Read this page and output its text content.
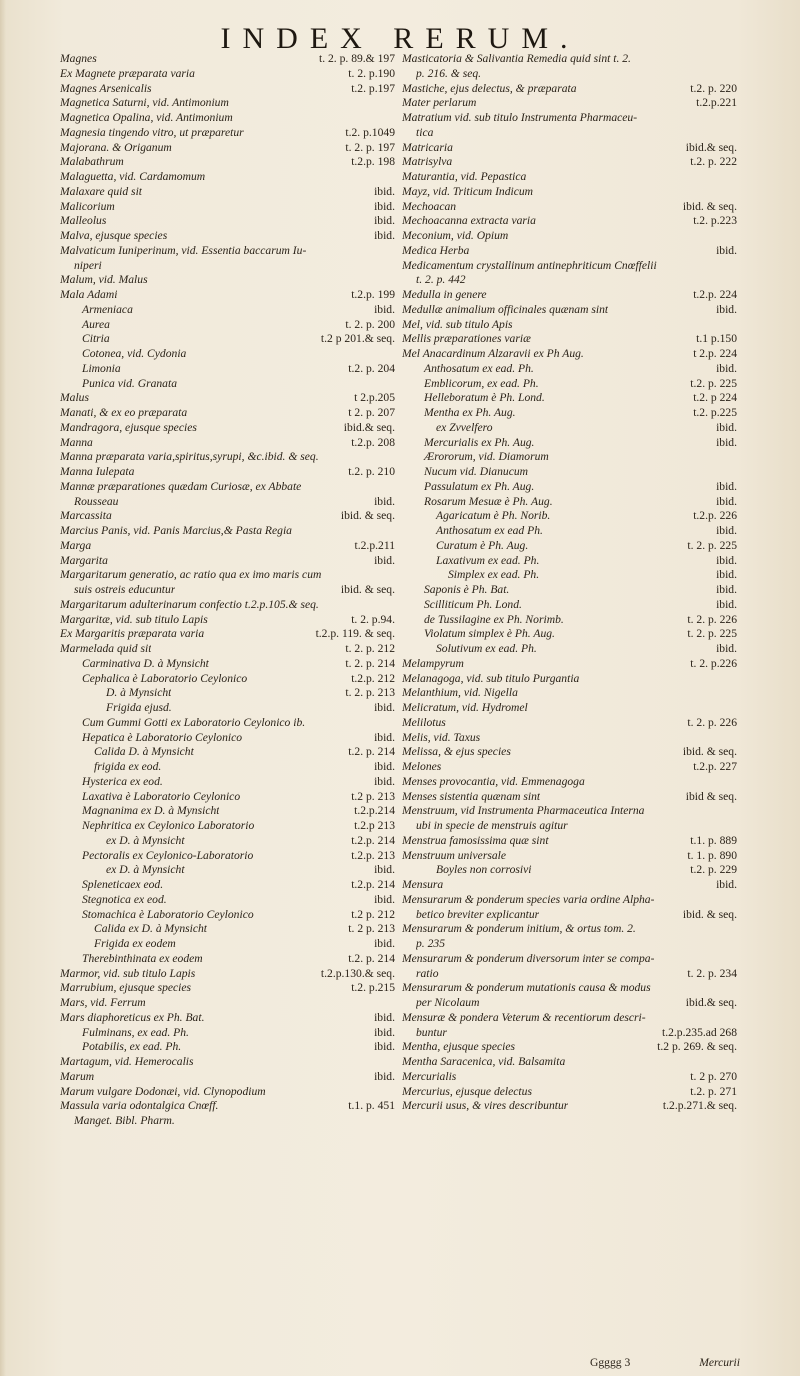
INDEX RERUM.
Magnes	t. 2. p. 89.& 197
Ex Magnete præparata varia	t. 2. p.190
Magnes Arsenicalis	t.2. p.197
Magnetica Saturni, vid. Antimonium
Magnetica Opalina, vid. Antimonium
Magnesia tingendo vitro, ut præparetur	t.2. p.1049
Majorana. & Origanum	t. 2. p. 197
Malabathrum	t.2.p. 198
Malaguetta, vid. Cardamomum
Malaxare quid sit	ibid.
Malicorium	ibid.
Malleolus	ibid.
Malva, ejusque species	ibid.
Malvaticum Iuniperinum, vid. Essentia baccarum Iu-
niperi
Malum, vid. Malus
Mala Adami	t.2.p. 199
Armeniaca	ibid.
Aurea	t. 2. p. 200
Citria	t.2 p 201.& seq.
Cotonea, vid. Cydonia
Limonia	t.2. p. 204
Punica vid. Granata
Malus	t 2.p.205
Manati, & ex eo præparata	t 2. p. 207
Mandragora, ejusque species	ibid.& seq.
Manna	t.2.p. 208
Manna præparata varia,spiritus,syrupi, &c.ibid. & seq.
Manna Iulepata	t.2. p. 210
Mannæ præparationes quædam Curiosæ, ex Abbate
Rousseau	ibid.
Marcassita	ibid. & seq.
Marcius Panis, vid. Panis Marcius,& Pasta Regia
Marga	t.2.p.211
Margarita	ibid.
Margaritarum generatio, ac ratio qua ex imo maris cum
suis ostreis educuntur	ibid. & seq.
Margaritarum adulterinarum confectio t.2.p.105.& seq.
Margaritæ, vid. sub titulo Lapis	t. 2. p.94.
Ex Margaritis præparata varia	t.2.p. 119. & seq.
Marmelada quid sit	t. 2. p. 212
Carminativa D. à Mynsicht	t. 2. p. 214
Cephalica è Laboratorio Ceylonico	t.2.p. 212
D. à Mynsicht	t. 2. p. 213
Frigida ejusd.	ibid.
Cum Gummi Gotti ex Laboratorio Ceylonico ib.
Hepatica è Laboratorio Ceylonico	ibid.
Calida D. à Mynsicht	t.2. p. 214
frigida ex eod.	ibid.
Hysterica ex eod.	ibid.
Laxativa è Laboratorio Ceylonico	t.2 p. 213
Magnanima ex D. à Mynsicht	t.2.p.214
Nephritica ex Ceylonico Laboratorio	t.2.p 213
ex D. à Mynsicht	t.2.p. 214
Pectoralis ex Ceylonico-Laboratorio	t.2.p. 213
ex D. à Mynsicht	ibid.
Spleneticaex eod.	t.2.p. 214
Stegnotica ex eod.	ibid.
Stomachica è Laboratorio Ceylonico	t.2 p. 212
Calida ex D. à Mynsicht	t. 2 p. 213
Frigida ex eodem	ibid.
Therebinthinata ex eodem	t.2. p. 214
Marmor, vid. sub titulo Lapis	t.2.p.130.& seq.
Marrubium, ejusque species	t.2. p.215
Mars, vid. Ferrum
Mars diaphoreticus ex Ph. Bat.	ibid.
Fulminans, ex ead. Ph.	ibid.
Potabilis, ex ead. Ph.	ibid.
Martagum, vid. Hemerocalis
Marum	ibid.
Marum vulgare Dodonæi, vid. Clynopodium
Massula varia odontalgica Cnœff.	t.1. p. 451
Manget. Bibl. Pharm.
Masticatoria & Salivantia Remedia quid sint t. 2.
p. 216. & seq.
Mastiche, ejus delectus, & præparata	t.2. p. 220
Mater perlarum	t.2.p.221
Matratium vid. sub titulo Instrumenta Pharmaceu-
tica
Matricaria	ibid.& seq.
Matrisylva	t.2. p. 222
Maturantia, vid. Pepastica
Mayz, vid. Triticum Indicum
Mechoacan	ibid. & seq.
Mechoacanna extracta varia	t.2. p.223
Meconium, vid. Opium
Medica Herba	ibid.
Medicamentum crystallinum antinephriticum Cnœffelii
t. 2. p. 442
Medulla in genere	t.2.p. 224
Medullæ animalium officinales quænam sint	ibid.
Mel, vid. sub titulo Apis
Mellis præparationes variæ	t.1 p.150
Mel Anacardinum Alzaravii ex Ph Aug.	t 2.p. 224
Anthosatum ex ead. Ph.	ibid.
Emblicorum, ex ead. Ph.	t.2. p. 225
Helleboratum è Ph. Lond.	t.2. p 224
Mentha ex Ph. Aug.	t.2. p.225
ex Zvvelfero	ibid.
Mercurialis ex Ph. Aug.	ibid.
Ærororum, vid. Diamorum
Nucum vid. Dianucum
Passulatum ex Ph. Aug.	ibid.
Rosarum Mesuæ è Ph. Aug.	ibid.
Agaricatum è Ph. Norib.	t.2.p. 226
Anthosatum ex ead Ph.	ibid.
Curatum è Ph. Aug.	t. 2. p. 225
Laxativum ex ead. Ph.	ibid.
Simplex ex ead. Ph.	ibid.
Saponis è Ph. Bat.	ibid.
Scilliticum Ph. Lond.	ibid.
de Tussilagine ex Ph. Norimb.	t. 2. p. 226
Violatum simplex è Ph. Aug.	t. 2. p. 225
Solutivum ex ead. Ph.	ibid.
Melampyrum	t. 2. p.226
Melanagoga, vid. sub titulo Purgantia
Melanthium, vid. Nigella
Melicratum, vid. Hydromel
Melilotus	t. 2. p. 226
Melis, vid. Taxus
Melissa, & ejus species	ibid. & seq.
Melones	t.2.p. 227
Menses provocantia, vid. Emmenagoga
Menses sistentia quænam sint	ibid & seq.
Menstruum, vid Instrumenta Pharmaceutica Interna
ubi in specie de menstruis agitur
Menstrua famosissima quæ sint	t.1. p. 889
Menstruum universale	t. 1. p. 890
Boyles non corrosivi	t.2. p. 229
Mensura	ibid.
Mensurarum & ponderum species varia ordine Alpha-
betico breviter explicantur	ibid. & seq.
Mensurarum & ponderum initium, & ortus tom. 2.
p. 235
Mensurarum & ponderum diversorum inter se compa-
ratio	t. 2. p. 234
Mensurarum & ponderum mutationis causa & modus
per Nicolaum	ibid.& seq.
Mensuræ & pondera Veterum & recentiorum descri-
buntur	t.2.p.235.ad 268
Mentha, ejusque species	t.2 p. 269. & seq.
Mentha Saracenica, vid. Balsamita
Mercurialis	t. 2 p. 270
Mercurius, ejusque delectus	t.2. p. 271
Mercurii usus, & vires describuntur	t.2.p.271.& seq.
Ggggg 3	Mercurii
